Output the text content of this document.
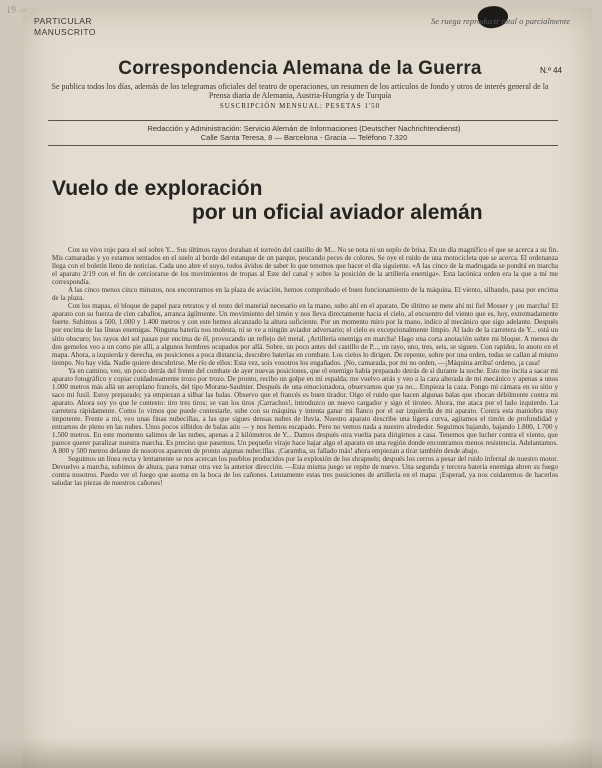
19 ...
PARTICULAR
MANUSCRITO
Se ruega reproducir total o parcialmente
Correspondencia Alemana de la Guerra	N.º 44
Se publica todos los días, además de los telegramas oficiales del teatro de operaciones, un resumen de los artículos de fondo y otros de interés general de la Prensa diaria de Alemania, Austria-Hungría y de Turquía
SUSCRIPCIÓN MENSUAL: PESETAS 1'50
Redacción y Administración: Servicio Alemán de Informaciones (Deutscher Nachrichtendienst)
Calle Santa Teresa, 8 — Barcelona - Gracia — Teléfono 7.320
Vuelo de exploración
por un oficial aviador alemán

Con su vivo rojo para el sol sobre Y... Sus últimos rayos doraban el torreón del castillo de M... No se nota ni un soplo de brisa. En un día magnífico el que se acerca a su fin. Mis camaradas y yo estamos sentados en el suelo al borde del estanque de un parque, pescando peces de colores. Se oye el ruido de una motocicleta que se acerca. El ordenanza llega con el boletín lleno de noticias. Cada uno abre el suyo, todos ávidos de saber lo que tenemos que hacer el día siguiente. «A las cinco de la madrugada se pondrá en marcha el aparato 2/19 con el fin de cerciorarse de los movimientos de tropas al Este del canal y sobre la posición de la artillería enemiga». Esta lacónica orden era la que a mí me correspondía.

A las cinco menos cinco minutos, nos encontramos en la plaza de aviación, hemos comprobado el buen funcionamiento de la máquina. El viento, silbando, pasa por encima de la plaza.

Con los mapas, el bloque de papel para retratos y el resto del material necesario en la mano, subo ahí en el aparato. De último se mete ahí mi fiel Mosser y ¡en marcha! El aparato con su fuerza de cien caballos, arranca ágilmente. Un movimiento del timón y nos lleva directamente hacia el cielo, al encuentro del viento que es, hoy, extremadamente fuerte. Subimos a 500, 1.000 y 1.400 metros y con este hemos alcanzado la altura suficiente. Por un momento miro por la mano, indico al mecánico que sigo adelante. Después por encima de las líneas enemigas. Ninguna batería nos molesta, ni se ve a ningún aviador adversario; el cielo es excepcionalmente limpio. Al lado de la carretera de Y... está un sitio obscuro; los rayos del sol pasan por encima de él, provocando un reflejo del metal. ¡Artillería enemiga en marcha! Hago una corta anotación sobre mi bloque. A menos de dos gemelos veo a un corto pie allí, a algunos hombres ocupados por allá. Sobre, un poco antes del castillo de P..., un rayo, uno, tres, seis, se siguen. Con rapidez, lo anoto en el mapa. Ahora, a izquierda y derecha, en posiciones a poca distancia, descubro baterías en combate. Los cielos lo dirigen. De repente, sobre por una orden, todas se callan al mismo tiempo. No hay vida. Nadie quiere descubrirse. Me río de ellos: Esta vez, sois vosotros los engañados. ¡No, camarada, por mi no orden, —¡Máquina arriba! ordeno, ¡a casa!

Ya en camino, veo, un poco detrás del frente del combate de ayer nuevas posiciones, que el enemigo había preparado detrás de sí durante la noche. Esto me incita a sacar mi aparato fotográfico y copiar cuidadosamente trozo por trozo. De pronto, recibo un golpe en mi espalda; me vuelvo atrás y veo a la cara alterada de mi mecánico y apenas a unos 1.000 metros más allá un aeroplano francés, del tipo Morane-Saulnier. Después de una emocionadora, observamos que ya no... Empieza la caza. Pongo mi cámara en su sitio y saco mi fusil. Estoy preparado; ya empiezan a silbar las balas. Observo que el francés es buen tirador. Oigo el ruido que hacen algunas balas que chocan débilmente contra mi aparato. Ahora soy yo que le contesto: tiro tres tiros; se van los tiros ¡Carrachos!, introduzco un nuevo cargador y sigo el tiroteo. Ahora, me ataca por el lado izquierdo. La carretera rápidamente. Como lo vimos que puede contestarle, sube con su máquina y intenta ganar mi flanco por el sur izquierda de mi aparato. Contra esta maniobra muy impotente. Frente a mí, veo unas finas nubecillas, a las que sigues densas nubes de lluvia. Nuestro aparato describe una ligera curva, agitamos el timón de profundidad y entramos de pleno en las nubes. Unos pocos silbidos de balas aún — y nos hemos escapado. Pero no vemos nada a nuestro alrededor. Seguimos bajando, bajando 1.800, 1.700 y 1.500 metros. En este momento salimos de las nubes, apenas a 2 kilómetros de Y... Damos después otra vuelta para dirigirnos a casa. Tenemos que lucher contra el viento, que parece querer paralizar nuestra marcha. Es preciso que pasemos. Un pequeño viraje hace bajar algo el aparato en una región donde encontramos menos resistencia. Adelantamos. A 800 y 500 metros delante de nosotros aparecen de pronto algunas nubecillas. ¡Caramba, su fallado más! ahora empiezan a tirar también desde abajo.

Seguimos un línea recta y lentamente se nos acercan los pueblos producidos por la explosión de los shrapnels; después los cerros a pesar del ruido infernal de nuestro motor. Devuelvo a marcha, subimos de altura, para tomar otra vez la anterior dirección. —Esta misma juego se repite de nuevo. Una segunda y tercera batería enemiga abren su fuego contra nosotros. Puedo ver el fuego que asoma en la boca de los cañones. Lentamente estas tres posiciones de artillería en el mapa: ¡Esperad, ya nos cuidaremos de hacerlos saludar las piezas de nuestros cañones!
